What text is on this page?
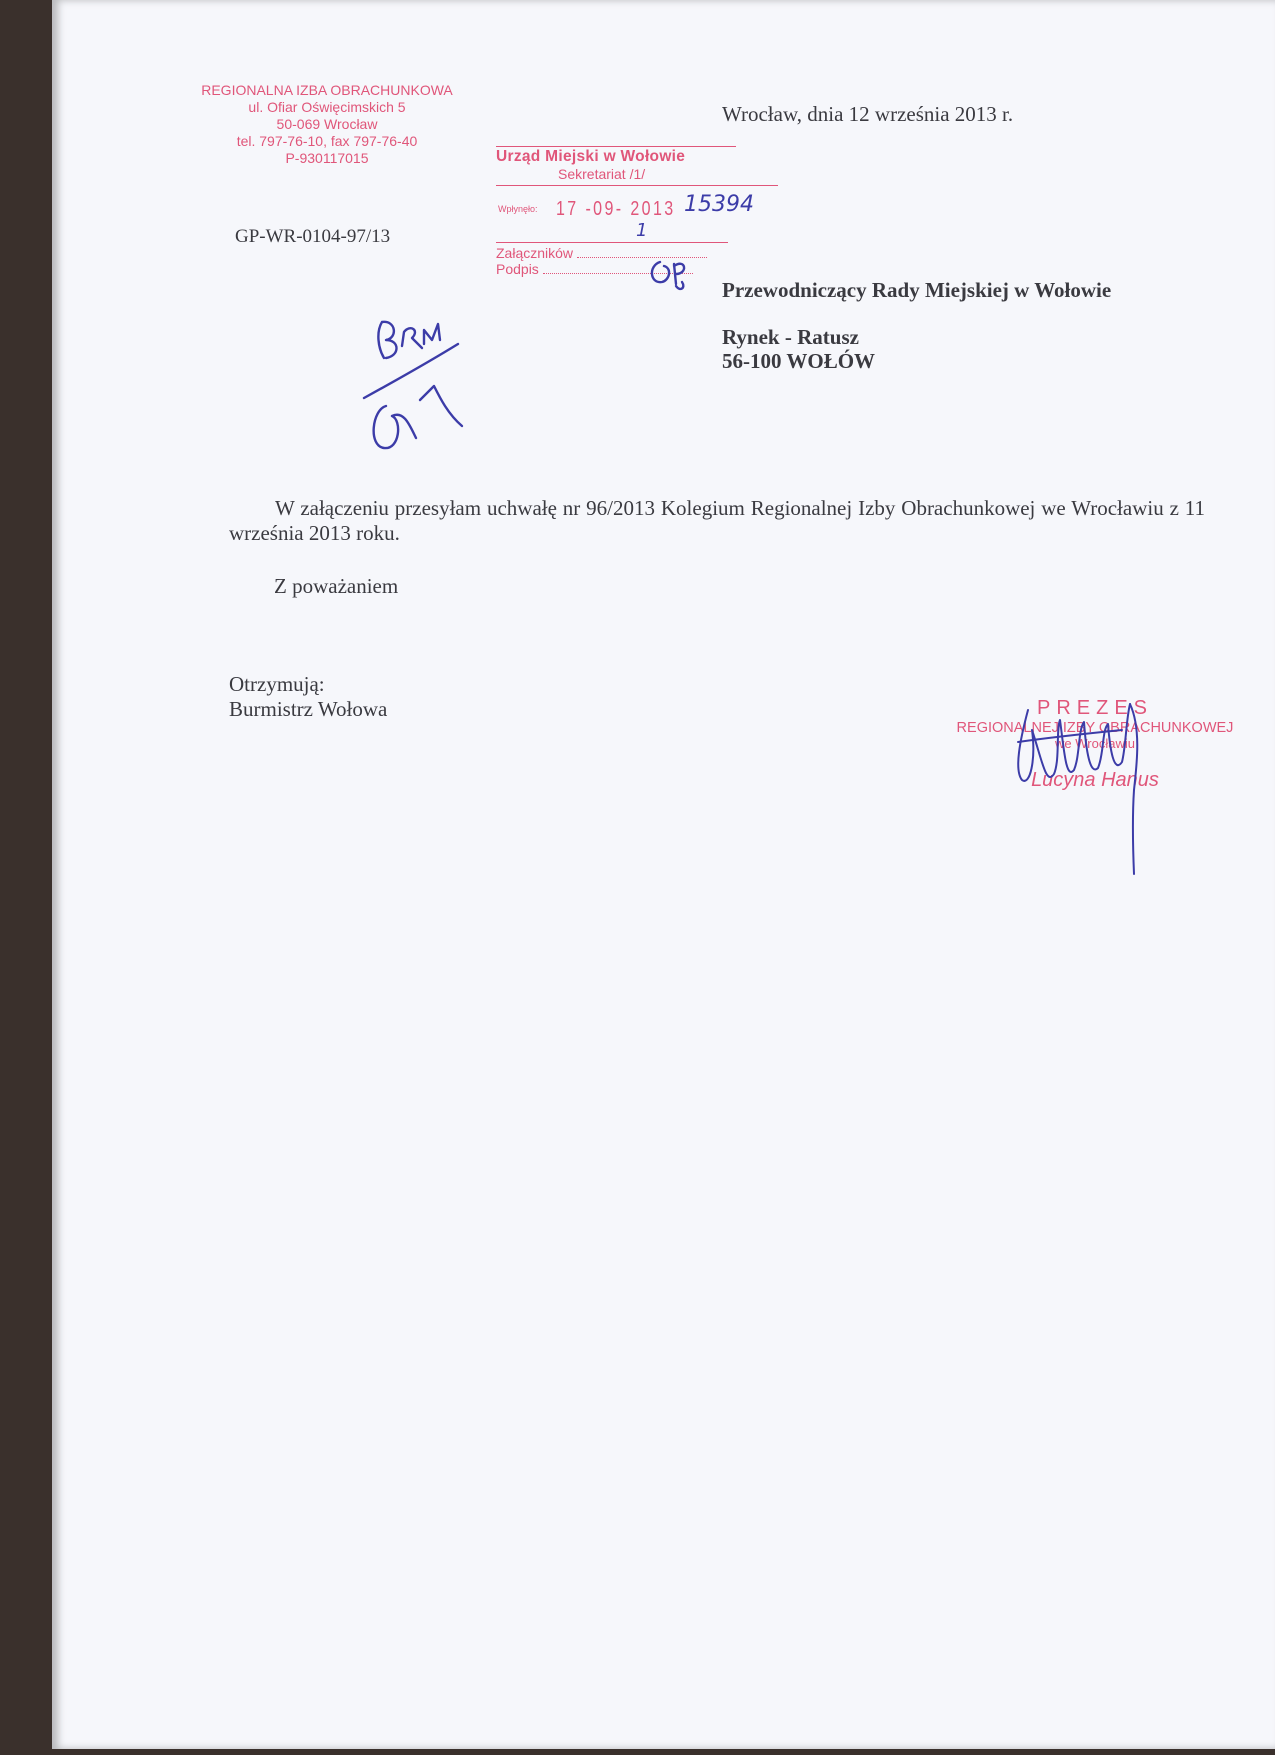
REGIONALNA IZBA OBRACHUNKOWA
ul. Ofiar Oświęcimskich 5
50-069 Wrocław
tel. 797-76-10, fax 797-76-40
P-930117015
GP-WR-0104-97/13
Wrocław, dnia 12 września 2013 r.
Urząd Miejski w Wołowie
Sekretariat /1/
Wpłynęło: 17 -09- 2013 15394
1
Załączników
Podpis
Przewodniczący Rady Miejskiej w Wołowie
Rynek - Ratusz
56-100 WOŁÓW
W załączeniu przesyłam uchwałę nr 96/2013 Kolegium Regionalnej Izby Obrachunkowej we Wrocławiu z 11 września 2013 roku.
Z poważaniem
Otrzymują:
Burmistrz Wołowa	PREZES
REGIONALNEJ IZBY OBRACHUNKOWEJ
we Wrocławiu
Lucyna Hanus
